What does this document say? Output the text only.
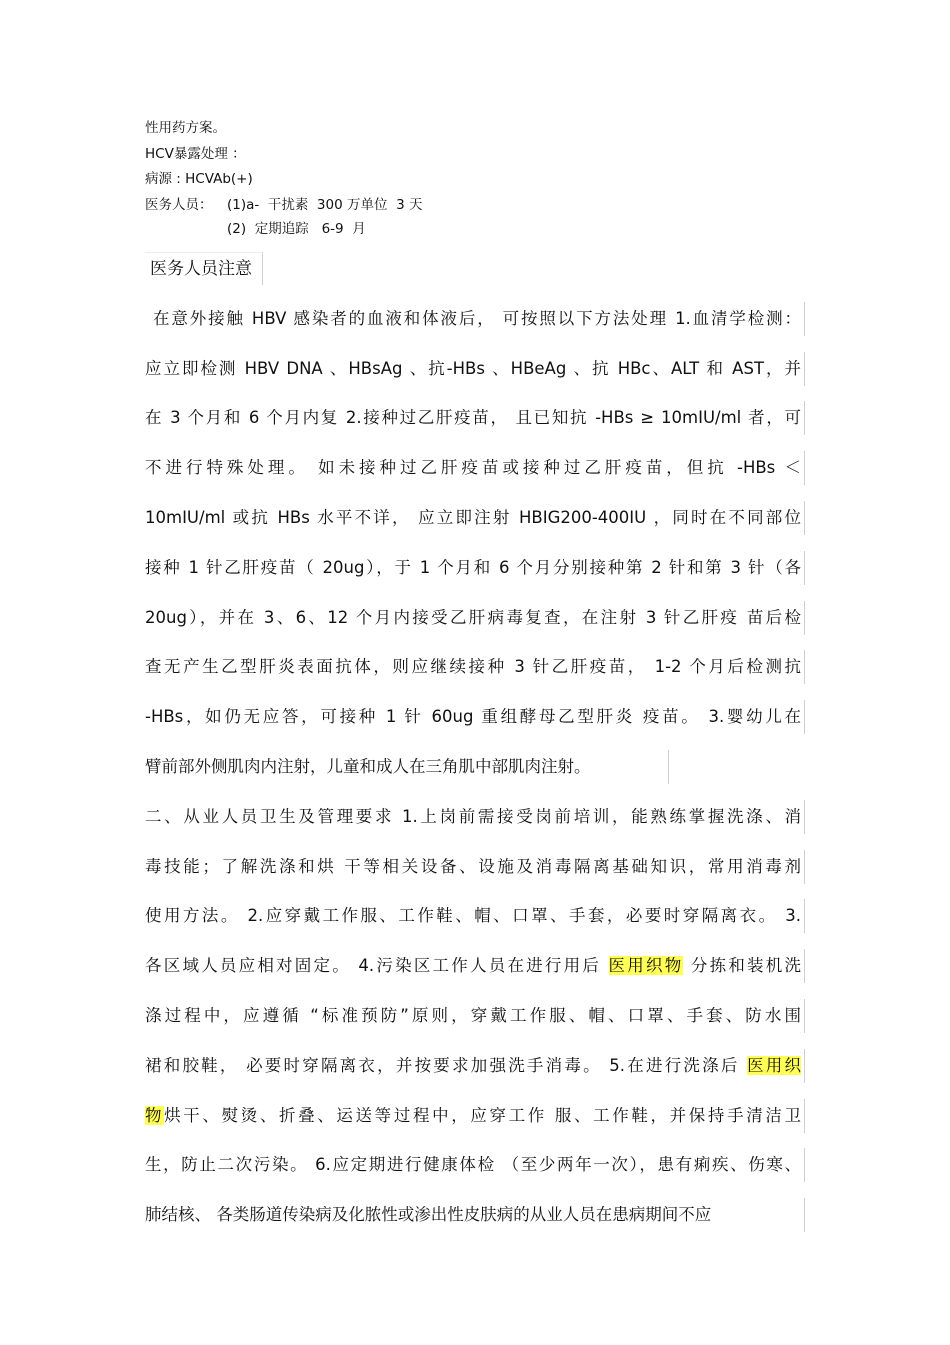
性用药方案。
HCV暴露处理 ：
病源 : HCVAb(+)
医务人员： (1)a-  干扰素  300 万单位  3 天
(2)  定期追踪   6-9  月
医务人员注意
在意外接触 HBV 感染者的血液和体液后， 可按照以下方法处理 1.血清学检测：
应立即检测 HBV DNA 、HBsAg 、抗-HBs 、HBeAg 、抗 HBc、ALT 和 AST，并
在 3 个月和 6 个月内复 2.接种过乙肝疫苗， 且已知抗 -HBs ≥ 10mIU/ml 者，可
不进行特殊处理。 如未接种过乙肝疫苗或接种过乙肝疫苗，但抗 -HBs ＜
10mIU/ml 或抗 HBs 水平不详， 应立即注射 HBIG200-400IU ，同时在不同部位
接种 1 针乙肝疫苗（ 20ug），于 1 个月和 6 个月分别接种第 2 针和第 3 针（各
20ug），并在 3、6、12 个月内接受乙肝病毒复查，在注射 3 针乙肝疫 苗后检
查无产生乙型肝炎表面抗体，则应继续接种 3 针乙肝疫苗， 1-2 个月后检测抗
-HBs，如仍无应答，可接种 1 针 60ug 重组酵母乙型肝炎 疫苗。 3.婴幼儿在
臂前部外侧肌肉内注射，儿童和成人在三角肌中部肌肉注射。
二、从业人员卫生及管理要求 1.上岗前需接受岗前培训，能熟练掌握洗涤、消
毒技能；了解洗涤和烘 干等相关设备、设施及消毒隔离基础知识，常用消毒剂
使用方法。 2.应穿戴工作服、工作鞋、帽、口罩、手套，必要时穿隔离衣。 3.
各区域人员应相对固定。 4.污染区工作人员在进行用后 医用织物 分拣和装机洗
涤过程中，应遵循 “标准预防”原则，穿戴工作服、帽、口罩、手套、防水围
裙和胶鞋， 必要时穿隔离衣，并按要求加强洗手消毒。 5.在进行洗涤后 医用织
物烘干、熨烫、折叠、运送等过程中，应穿工作 服、工作鞋，并保持手清洁卫
生，防止二次污染。 6.应定期进行健康体检 （至少两年一次），患有痢疾、伤寒、
肺结核、 各类肠道传染病及化脓性或渗出性皮肤病的从业人员在患病期间不应
